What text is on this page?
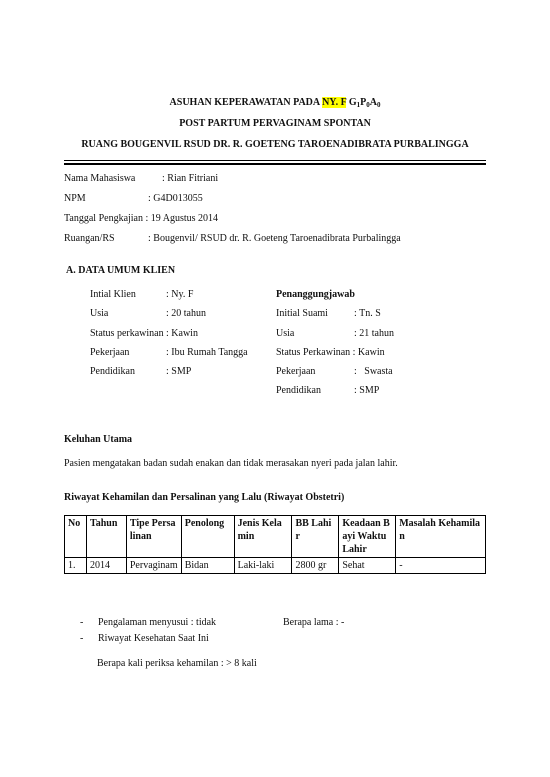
ASUHAN KEPERAWATAN PADA NY. F $G_1P_0A_0$
POST PARTUM PERVAGINAM SPONTAN
RUANG BOUGENVIL RSUD DR. R. GOETENG TAROENADIBRATA PURBALINGGA
Nama Mahasiswa	: Rian Fitriani
NPM	: G4D013055
Tanggal Pengkajian : 19 Agustus 2014
Ruangan/RS	: Bougenvil/ RSUD dr. R. Goeteng Taroenadibrata Purbalingga
A. DATA UMUM KLIEN
Intial Klien	: Ny. F
Usia	: 20 tahun
Status perkawinan : Kawin
Pekerjaan	: Ibu Rumah Tangga
Pendidikan	: SMP
Penanggungjawab
Initial Suami	: Tn. S
Usia	: 21 tahun
Status Perkawinan : Kawin
Pekerjaan	:   Swasta
Pendidikan	: SMP
Keluhan Utama
Pasien mengatakan badan sudah enakan dan tidak merasakan nyeri pada jalan lahir.
Riwayat Kehamilan dan Persalinan yang Lalu (Riwayat Obstetri)
No	Tahun	Tipe Persalinan	Penolong	Jenis Kelamin	BB Lahir	Keadaan Bayi Waktu Lahir	Masalah Kehamilan
1.	2014	Pervaginam	Bidan	Laki-laki	2800 gr	Sehat	-
- Pengalaman menyusui : tidak	Berapa lama : -
- Riwayat Kesehatan Saat Ini
Berapa kali periksa kehamilan : > 8 kali
